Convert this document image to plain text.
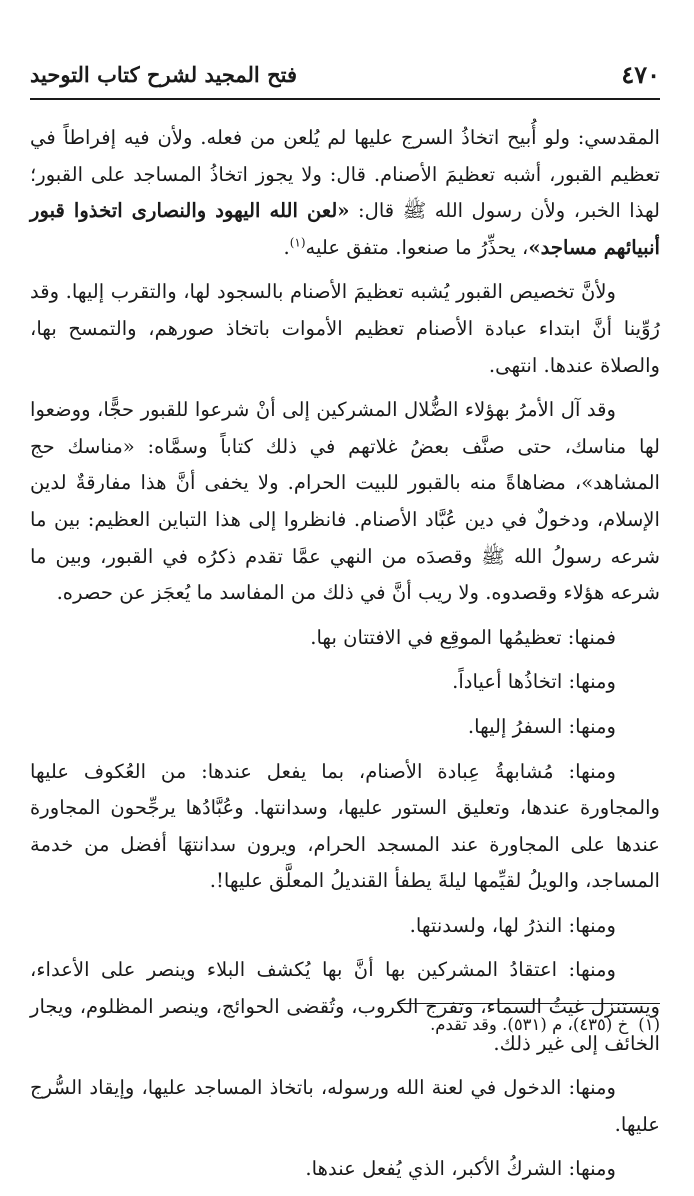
٤٧٠
فتح المجيد لشرح كتاب التوحيد

المقدسي: ولو أُبيح اتخاذُ السرج عليها لم يُلعن من فعله. ولأن فيه إفراطاً في تعظيم القبور، أشبه تعظيمَ الأصنام. قال: ولا يجوز اتخاذُ المساجد على القبور؛ لهذا الخبر، ولأن رسول الله ﷺ قال: «لعن الله اليهود والنصارى اتخذوا قبور أنبيائهم مساجد»، يحذِّرُ ما صنعوا. متفق عليه$^{(١)}$.

ولأنَّ تخصيص القبور يُشبه تعظيمَ الأصنام بالسجود لها، والتقرب إليها. وقد رُوِّينا أنَّ ابتداء عبادة الأصنام تعظيم الأموات باتخاذ صورهم، والتمسح بها، والصلاة عندها. انتهى.

وقد آل الأمرُ بهؤلاء الضُّلال المشركين إلى أنْ شرعوا للقبور حجًّا، ووضعوا لها مناسك، حتى صنَّف بعضُ غلاتهم في ذلك كتاباً وسمَّاه: «مناسك حج المشاهد»، مضاهاةً منه بالقبور للبيت الحرام. ولا يخفى أنَّ هذا مفارقةٌ لدين الإسلام، ودخولٌ في دين عُبَّاد الأصنام. فانظروا إلى هذا التباين العظيم: بين ما شرعه رسولُ الله ﷺ وقصدَه من النهي عمَّا تقدم ذكرُه في القبور، وبين ما شرعه هؤلاء وقصدوه. ولا ريب أنَّ في ذلك من المفاسد ما يُعجَز عن حصره.

فمنها: تعظيمُها الموقِع في الافتتان بها.

ومنها: اتخاذُها أعياداً.

ومنها: السفرُ إليها.

ومنها: مُشابهةُ عِبادة الأصنام، بما يفعل عندها: من العُكوف عليها والمجاورة عندها، وتعليق الستور عليها، وسدانتها. وعُبَّادُها يرجِّحون المجاورة عندها على المجاورة عند المسجد الحرام، ويرون سدانتهَا أفضل من خدمة المساجد، والويلُ لقيِّمها ليلةَ يطفأ القنديلُ المعلَّق عليها!.

ومنها: النذرُ لها، ولسدنتها.

ومنها: اعتقادُ المشركين بها أنَّ بها يُكشف البلاء وينصر على الأعداء، ويستنزل غيثُ السماء، وتفرج الكروب، وتُقضى الحوائج، وينصر المظلوم، ويجار الخائف إلى غير ذلك.

ومنها: الدخول في لعنة الله ورسوله، باتخاذ المساجد عليها، وإيقاد السُّرج عليها.

ومنها: الشركُ الأكبر، الذي يُفعل عندها.

(١)خ (٤٣٥)، م (٥٣١). وقد تقدم.
